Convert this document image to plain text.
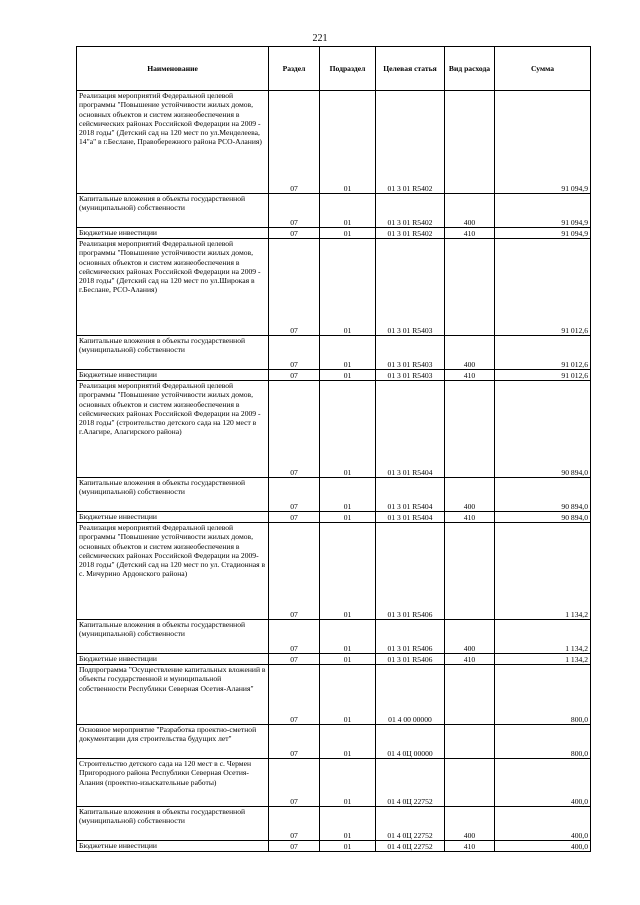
221
Наименование	Раздел	Подраздел	Целевая статья	Вид расхода	Сумма
Реализация мероприятий Федеральной целевой программы "Повышение устойчивости жилых домов, основных объектов и систем жизнеобеспечения в сейсмических районах Российской Федерации на 2009 - 2018 годы" (Детский сад на 120 мест по ул.Менделеева, 14"а" в г.Беслане, Правобережного района РСО-Алания)	07	01	01 3 01 R5402		91 094,9
Капитальные вложения в объекты государственной (муниципальной) собственности	07	01	01 3 01 R5402	400	91 094,9
Бюджетные инвестиции	07	01	01 3 01 R5402	410	91 094,9
Реализация мероприятий Федеральной целевой программы "Повышение устойчивости жилых домов, основных объектов и систем жизнеобеспечения в сейсмических районах Российской Федерации на 2009 - 2018 годы" (Детский сад на 120 мест по ул.Широкая в г.Беслане, РСО-Алания)	07	01	01 3 01 R5403		91 012,6
Капитальные вложения в объекты государственной (муниципальной) собственности	07	01	01 3 01 R5403	400	91 012,6
Бюджетные инвестиции	07	01	01 3 01 R5403	410	91 012,6
Реализация мероприятий Федеральной целевой программы "Повышение устойчивости жилых домов, основных объектов и систем жизнеобеспечения в сейсмических районах Российской Федерации на 2009 - 2018 годы" (строительство детского сада на 120 мест в г.Алагире, Алагирского района)	07	01	01 3 01 R5404		90 894,0
Капитальные вложения в объекты государственной (муниципальной) собственности	07	01	01 3 01 R5404	400	90 894,0
Бюджетные инвестиции	07	01	01 3 01 R5404	410	90 894,0
Реализация мероприятий Федеральной целевой программы "Повышение устойчивости жилых домов, основных объектов и систем жизнеобеспечения в сейсмических районах Российской Федерации на 2009-2018 годы" (Детский сад на 120 мест по ул. Стадионная в с. Мичурино Ардонского района)	07	01	01 3 01 R5406		1 134,2
Капитальные вложения в объекты государственной (муниципальной) собственности	07	01	01 3 01 R5406	400	1 134,2
Бюджетные инвестиции	07	01	01 3 01 R5406	410	1 134,2
Подпрограмма "Осуществление капитальных вложений в объекты государственной и муниципальной собственности Республики Северная Осетия-Алания"	07	01	01 4 00 00000		800,0
Основное мероприятие "Разработка проектно-сметной документации для строительства будущих лет"	07	01	01 4 0Ц 00000		800,0
Строительство детского сада на 120 мест в с. Чермен Пригородного района Республики Северная Осетия-Алания (проектно-изыскательные работы)	07	01	01 4 0Ц 22752		400,0
Капитальные вложения в объекты государственной (муниципальной) собственности	07	01	01 4 0Ц 22752	400	400,0
Бюджетные инвестиции	07	01	01 4 0Ц 22752	410	400,0
